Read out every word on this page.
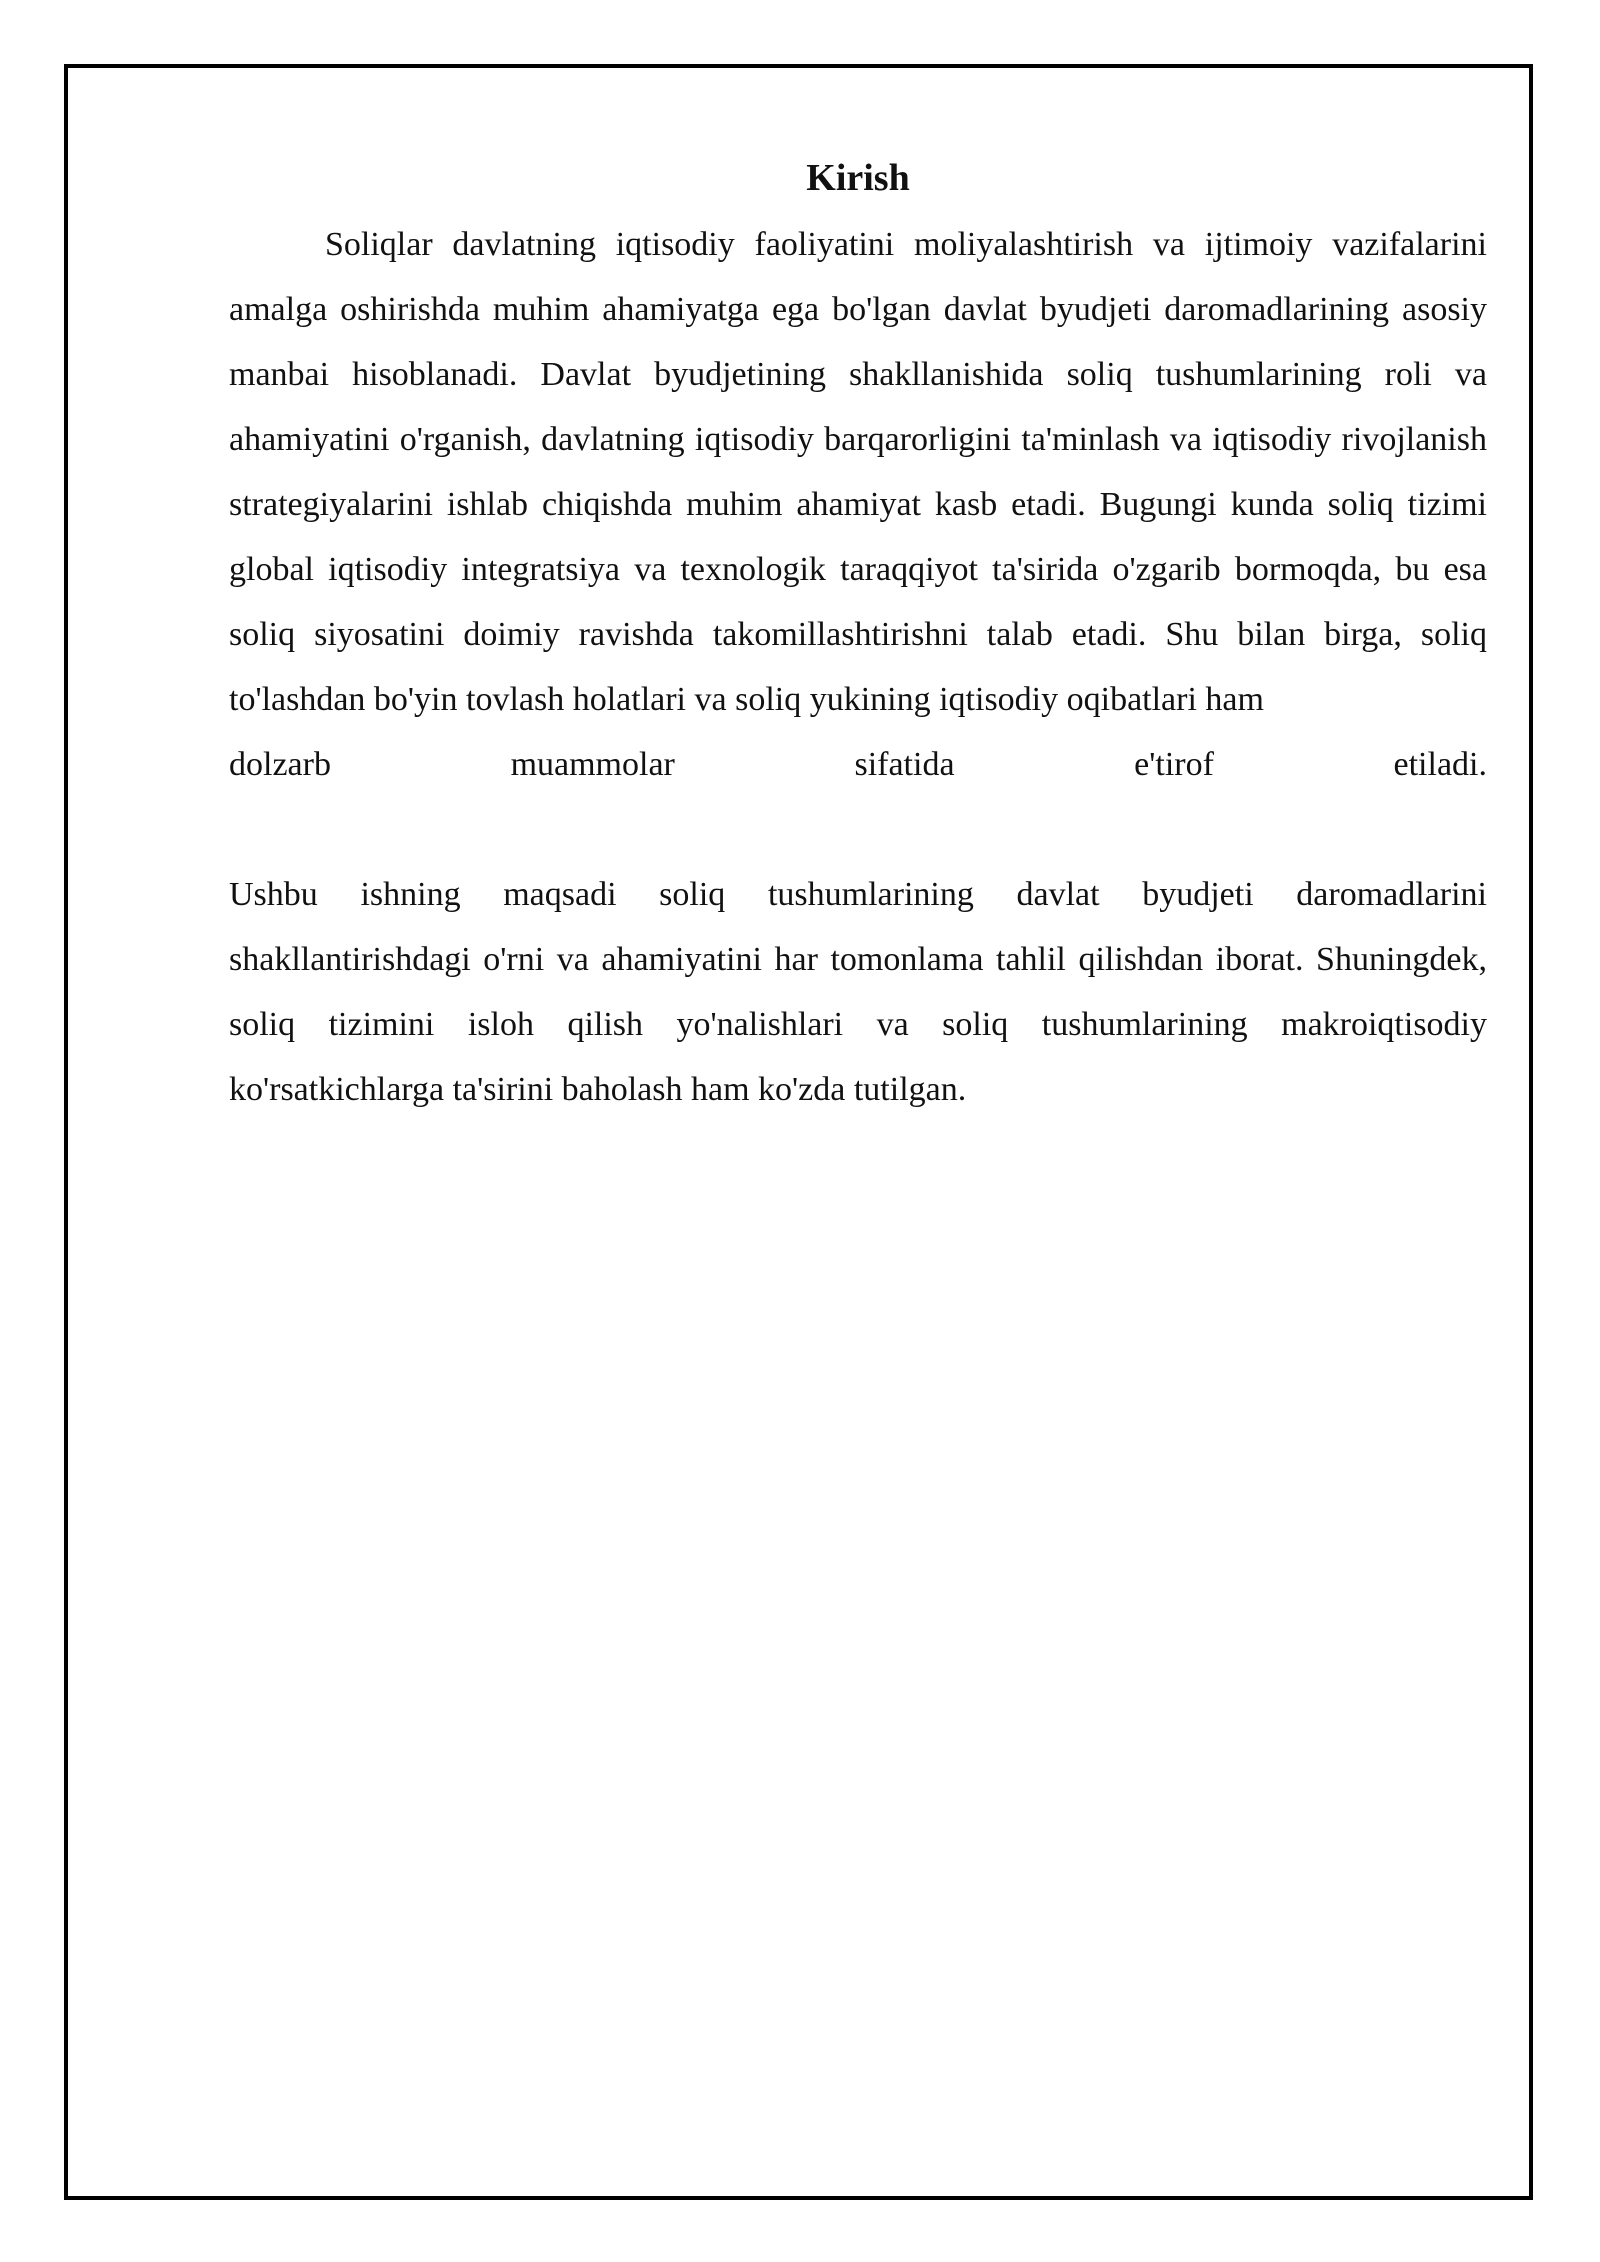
Kirish

Soliqlar davlatning iqtisodiy faoliyatini moliyalashtirish va ijtimoiy vazifalarini amalga oshirishda muhim ahamiyatga ega bo'lgan davlat byudjeti daromadlarining asosiy manbai hisoblanadi. Davlat byudjetining shakllanishida soliq tushumlarining roli va ahamiyatini o'rganish, davlatning iqtisodiy barqarorligini ta'minlash va iqtisodiy rivojlanish strategiyalarini ishlab chiqishda muhim ahamiyat kasb etadi. Bugungi kunda soliq tizimi global iqtisodiy integratsiya va texnologik taraqqiyot ta'sirida o'zgarib bormoqda, bu esa soliq siyosatini doimiy ravishda takomillashtirishni talab etadi. Shu bilan birga, soliq to'lashdan bo'yin tovlash holatlari va soliq yukining iqtisodiy oqibatlari ham

dolzarb muammolar sifatida e'tirof etiladi.

Ushbu ishning maqsadi soliq tushumlarining davlat byudjeti daromadlarini shakllantirishdagi o'rni va ahamiyatini har tomonlama tahlil qilishdan iborat. Shuningdek, soliq tizimini isloh qilish yo'nalishlari va soliq tushumlarining makroiqtisodiy ko'rsatkichlarga ta'sirini baholash ham ko'zda tutilgan.
